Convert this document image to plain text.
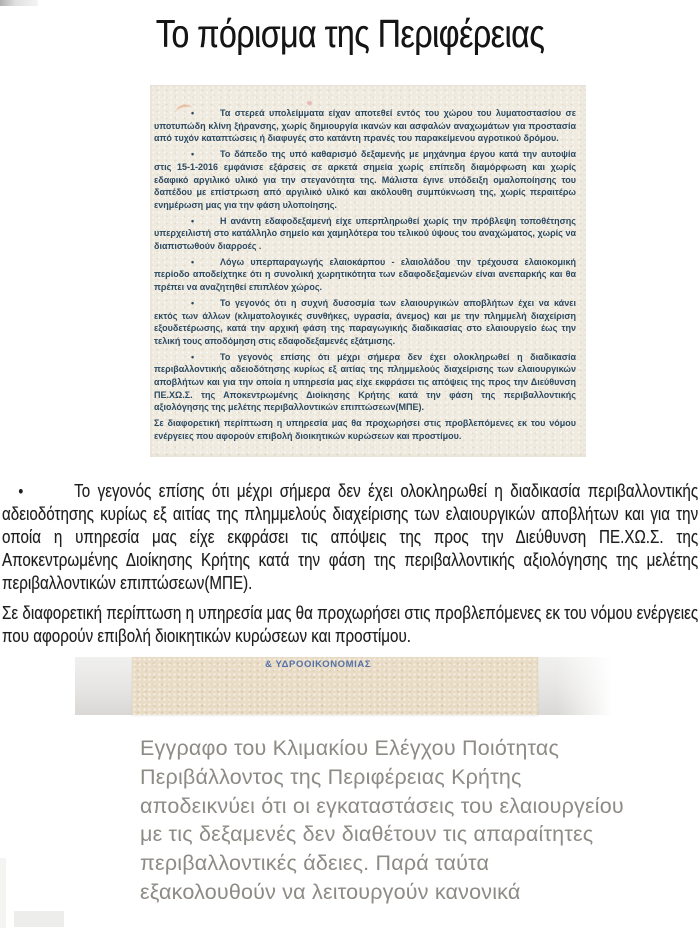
Το πόρισμα της Περιφέρειας

•	Τα στερεά υπολείμματα είχαν αποτεθεί εντός του χώρου του λυματοστασίου σε υποτυπώδη κλίνη ξήρανσης, χωρίς δημιουργία ικανών και ασφαλών αναχωμάτων για προστασία από τυχόν καταπτώσεις ή διαφυγές στο κατάντη πρανές του παρακείμενου αγροτικού δρόμου.

•	Το δάπεδο της υπό καθαρισμό δεξαμενής με μηχάνημα έργου κατά την αυτοψία στις 15-1-2016 εμφάνισε εξάρσεις σε αρκετά σημεία χωρίς επίπεδη διαμόρφωση και χωρίς εδαφικό αργιλικό υλικό για την στεγανότητα της. Μάλιστα έγινε υπόδειξη ομαλοποίησης του δαπέδου με επίστρωση από αργιλικό υλικό και ακόλουθη συμπύκνωση της, χωρίς περαιτέρω ενημέρωση μας για την φάση υλοποίησης.

•	Η ανάντη εδαφοδεξαμενή είχε υπερπληρωθεί χωρίς την πρόβλεψη τοποθέτησης υπερχειλιστή στο κατάλληλο σημείο και χαμηλότερα του τελικού ύψους του αναχώματος, χωρίς να διαπιστωθούν διαρροές .

•	Λόγω υπερπαραγωγής ελαιοκάρπου - ελαιολάδου την τρέχουσα ελαιοκομική περίοδο αποδείχτηκε ότι η συνολική χωρητικότητα των εδαφοδεξαμενών είναι ανεπαρκής και θα πρέπει να αναζητηθεί επιπλέον χώρος.

•	Το γεγονός ότι η συχνή δυσοσμία των ελαιουργικών αποβλήτων έχει να κάνει εκτός των άλλων (κλιματολογικές συνθήκες, υγρασία, άνεμος) και με την πλημμελή διαχείριση εξουδετέρωσης, κατά την αρχική φάση της παραγωγικής διαδικασίας στο ελαιουργείο έως την τελική τους αποδόμηση στις εδαφοδεξαμενές εξάτμισης.

•	Το γεγονός επίσης ότι μέχρι σήμερα δεν έχει ολοκληρωθεί η διαδικασία περιβαλλοντικής αδειοδότησης κυρίως εξ αιτίας της πλημμελούς διαχείρισης των ελαιουργικών αποβλήτων και για την οποία η υπηρεσία μας είχε εκφράσει τις απόψεις της προς την Διεύθυνση ΠΕ.ΧΩ.Σ. της Αποκεντρωμένης Διοίκησης Κρήτης κατά την φάση της περιβαλλοντικής αξιολόγησης της μελέτης περιβαλλοντικών επιπτώσεων(ΜΠΕ).

Σε διαφορετική περίπτωση η υπηρεσία μας θα προχωρήσει στις προβλεπόμενες εκ του νόμου ενέργειες που αφορούν επιβολή διοικητικών κυρώσεων και προστίμου.

•	Το γεγονός επίσης ότι μέχρι σήμερα δεν έχει ολοκληρωθεί η διαδικασία περιβαλλοντικής αδειοδότησης κυρίως εξ αιτίας της πλημμελούς διαχείρισης των ελαιουργικών αποβλήτων και για την οποία η υπηρεσία μας είχε εκφράσει τις απόψεις της προς την Διεύθυνση ΠΕ.ΧΩ.Σ. της Αποκεντρωμένης Διοίκησης Κρήτης κατά την φάση της περιβαλλοντικής αξιολόγησης της μελέτης περιβαλλοντικών επιπτώσεων(ΜΠΕ).

Σε διαφορετική περίπτωση η υπηρεσία μας θα προχωρήσει στις προβλεπόμενες εκ του νόμου ενέργειες που αφορούν επιβολή διοικητικών κυρώσεων και προστίμου.

& ΥΔΡΟΟΙΚΟΝΟΜΙΑΣ
Εγγραφο του Κλιμακίου Ελέγχου Ποιότητας
Περιβάλλοντος της Περιφέρειας Κρήτης
αποδεικνύει ότι οι εγκαταστάσεις του ελαιουργείου
με τις δεξαμενές δεν διαθέτουν τις απαραίτητες
περιβαλλοντικές άδειες. Παρά ταύτα
εξακολουθούν να λειτουργούν κανονικά
